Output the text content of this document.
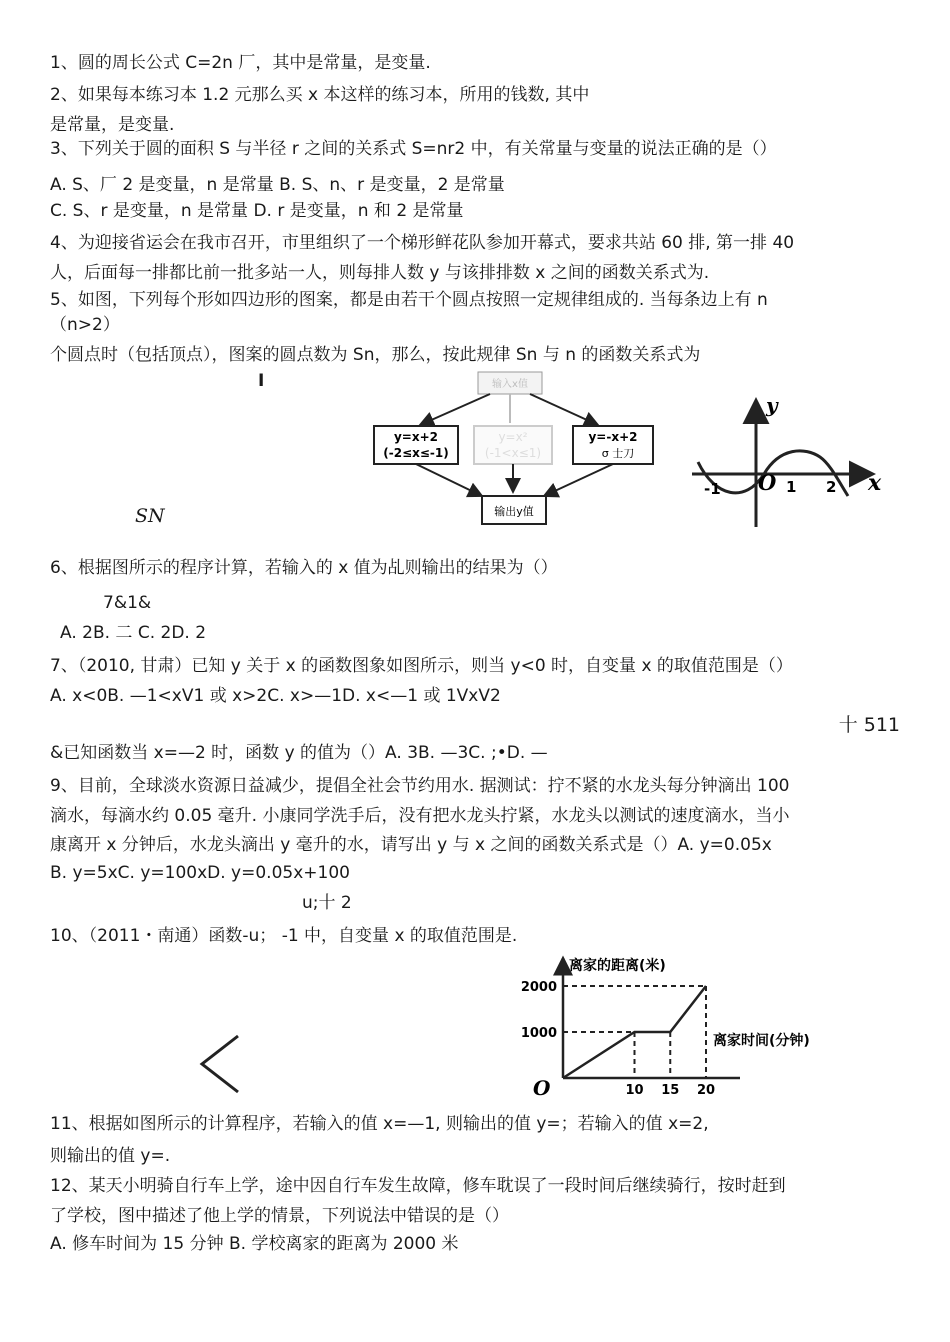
1、圆的周长公式 C=2n 厂，其中是常量，是变量.
2、如果每本练习本 1.2 元那么买 x 本这样的练习本，所用的钱数, 其中
是常量，是变量.
3、下列关于圆的面积 S 与半径 r 之间的关系式 S=nr2 中，有关常量与变量的说法正确的是（）
A. S、厂 2 是变量，n 是常量 B. S、n、r 是变量，2 是常量
C. S、r 是变量，n 是常量 D. r 是变量，n 和 2 是常量
4、为迎接省运会在我市召开，市里组织了一个梯形鲜花队参加开幕式，要求共站 60 排, 第一排 40
人，后面每一排都比前一批多站一人，则每排人数 y 与该排排数 x 之间的函数关系式为.
5、如图，下列每个形如四边形的图案，都是由若干个圆点按照一定规律组成的. 当每条边上有 n
（n>2）
个圆点时（包括顶点），图案的圆点数为 Sn，那么，按此规律 Sn 与 n 的函数关系式为
I
SN
输入x值
y=x+2
(-2≤x≤-1)
y=x²
(-1<x≤1)
y=-x+2
σ 士刀
输出y值
y
x
-1 O 1 2
6、根据图所示的程序计算，若输入的 x 值为乩则输出的结果为（）
7&1&
A. 2B. 二 C. 2D. 2
7、（2010, 甘肃）已知 y 关于 x 的函数图象如图所示，则当 y<0 时，自变量 x 的取值范围是（）
A. x<0B. —1<xV1 或 x>2C. x>—1D. x<—1 或 1VxV2
十 511
&已知函数当 x=—2 时，函数 y 的值为（）A. 3B. —3C. ;•D. —
9、目前，全球淡水资源日益减少，提倡全社会节约用水. 据测试：拧不紧的水龙头每分钟滴出 100
滴水，每滴水约 0.05 毫升. 小康同学洗手后，没有把水龙头拧紧，水龙头以测试的速度滴水，当小
康离开 x 分钟后，水龙头滴出 y 毫升的水，请写出 y 与 x 之间的函数关系式是（）A. y=0.05x
B. y=5xC. y=100xD. y=0.05x+100
u;十 2
10、（2011・南通）函数-u； -1 中，自变量 x 的取值范围是.
离家的距离(米)
离家时间(分钟)
O
1000
2000
10 15 20
11、根据如图所示的计算程序，若输入的值 x=—1, 则输出的值 y=；若输入的值 x=2,
则输出的值 y=.
12、某天小明骑自行车上学，途中因自行车发生故障，修车耽误了一段时间后继续骑行，按时赶到
了学校，图中描述了他上学的情景，下列说法中错误的是（）
A. 修车时间为 15 分钟 B. 学校离家的距离为 2000 米
